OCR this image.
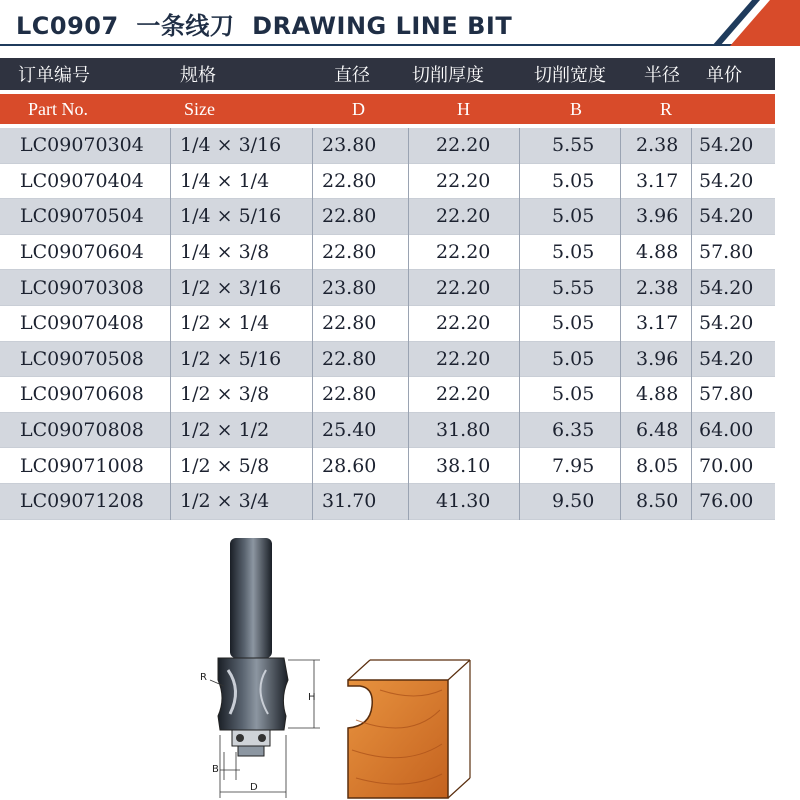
LC0907 一条线刀 DRAWING LINE BIT
订单编号	规格	直径 切削厚度	切削宽度 半径 单价
Part No.	Size	D	H	B	R
LC09070304 1/4 × 3/16 23.80	22.20	5.55 2.38 54.20
LC09070404 1/4 × 1/4	22.80	22.20	5.05 3.17 54.20
LC09070504 1/4 × 5/16 22.80	22.20	5.05 3.96 54.20
LC09070604 1/4 × 3/8	22.80	22.20	5.05 4.88 57.80
LC09070308 1/2 × 3/16 23.80	22.20	5.55 2.38 54.20
LC09070408 1/2 × 1/4	22.80	22.20	5.05 3.17 54.20
LC09070508 1/2 × 5/16 22.80	22.20	5.05 3.96 54.20
LC09070608 1/2 × 3/8	22.80	22.20	5.05 4.88 57.80
LC09070808 1/2 × 1/2	25.40	31.80	6.35 6.48 64.00
LC09071008 1/2 × 5/8	28.60	38.10	7.95 8.05 70.00
LC09071208 1/2 × 3/4	31.70	41.30	9.50 8.50 76.00
R
H
B
D
